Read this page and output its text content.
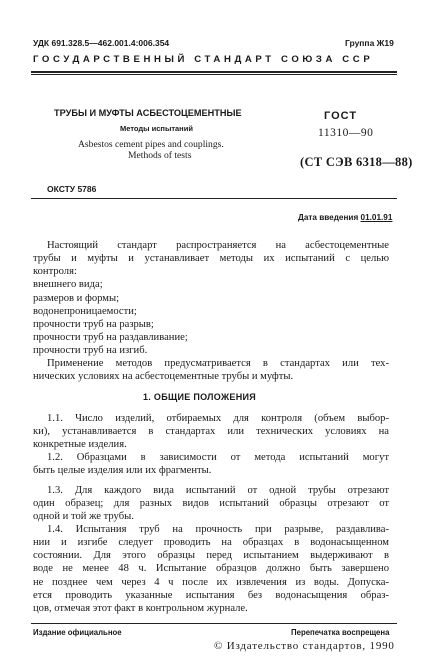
УДК 691.328.5—462.001.4:006.354	Группа Ж19
ГОСУДАРСТВЕННЫЙ СТАНДАРТ СОЮЗА ССР
ТРУБЫ И МУФТЫ АСБЕСТОЦЕМЕНТНЫЕ
Методы испытаний
Asbestos cement pipes and couplings.
Methods of tests
ГОСТ
11310—90
(СТ СЭВ 6318—88)
ОКСТУ 5786
Дата введения 01.01.91
Настоящий стандарт распространяется на асбестоцементные
трубы и муфты и устанавливает методы их испытаний с целью
контроля:
внешнего вида;
размеров и формы;
водонепроницаемости;
прочности труб на разрыв;
прочности труб на раздавливание;
прочности труб на изгиб.
Применение методов предусматривается в стандартах или тех-
нических условиях на асбестоцементные трубы и муфты.
1. ОБЩИЕ ПОЛОЖЕНИЯ
1.1. Число изделий, отбираемых для контроля (объем выбор-
ки), устанавливается в стандартах или технических условиях на
конкретные изделия.
1.2. Образцами в зависимости от метода испытаний могут
быть целые изделия или их фрагменты.
1.3. Для каждого вида испытаний от одной трубы отрезают
один образец; для разных видов испытаний образцы отрезают от
одной и той же трубы.
1.4. Испытания труб на прочность при разрыве, раздавлива-
нии и изгибе следует проводить на образцах в водонасыщенном
состоянии. Для этого образцы перед испытанием выдерживают в
воде не менее 48 ч. Испытание образцов должно быть завершено
не позднее чем через 4 ч после их извлечения из воды. Допуска-
ется проводить указанные испытания без водонасыщения образ-
цов, отмечая этот факт в контрольном журнале.
Издание официальное	Перепечатка воспрещена
© Издательство стандартов, 1990
